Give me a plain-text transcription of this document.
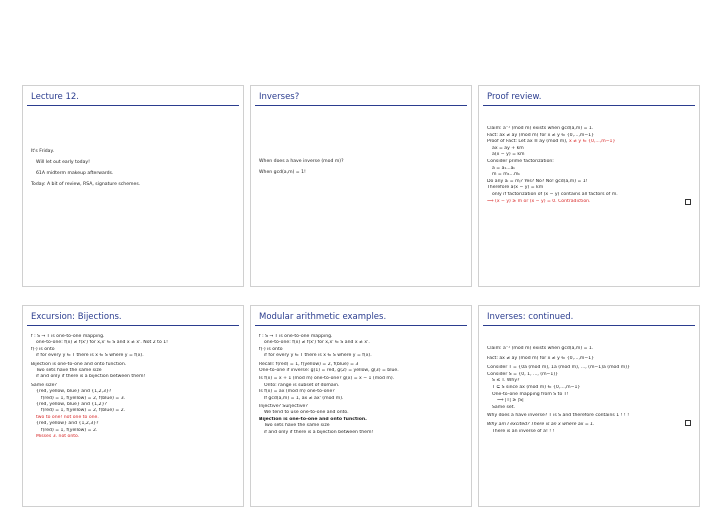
Lecture 12.
It's Friday.
Will let out early today!
61A midterm makeup afterwards.
Today: A bit of review, RSA, signature schemes.
Inverses?
When does a have inverse (mod m)?
When gcd(a,m) = 1!
Proof review.
Claim: a⁻¹ (mod m) exists when gcd(a,m) = 1.
Fact: ax ≠ ay (mod m) for x ≠ y ∈ {0,...,m−1}
Proof of Fact: Let ax ≡ ay (mod m), x ≠ y ∈ {0,...,m−1}
ax = ay + km
a(x − y) = km
Consider prime factorization:
a = a₁...aₖ
m = m₁...mₖ
Do any aᵢ = mⱼ? Yes? No? No! gcd(a,m) = 1!
Therefore a(x − y) = km
only if factorization of (x − y) contains all factors of m.
⟹ (x − y) ≥ m or (x − y) = 0. Contradiction.
Excursion: Bijections.
f : S → T is one-to-one mapping.
one-to-one: f(x) ≠ f(x') for x,x' ∈ S and x ≠ x'. Not 2 to 1!
f(·) is onto
if for every y ∈ T there is x ∈ S where y = f(x).
Bijection is one-to-one and onto function.
Two sets have the same size
if and only if there is a bijection between them!
Same size?
{red, yellow, blue} and {1,2,3}?
f(red) = 1, f(yellow) = 2, f(blue) = 3.
{red, yellow, blue} and {1,2}?
f(red) = 1, f(yellow) = 2, f(blue) = 2.
two to one! not one to one.
{red, yellow} and {1,2,3}?
f(red) = 1, f(yellow) = 2.
Misses 3. not onto.
Modular arithmetic examples.
f : S → T is one-to-one mapping.
one-to-one: f(x) ≠ f(x') for x,x' ∈ S and x ≠ x'.
f(·) is onto
if for every y ∈ T there is x ∈ S where y = f(x).
Recall: f(red) = 1, f(yellow) = 2, f(blue) = 3
One-to-one if inverse: g(1) = red, g(2) = yellow, g(3) = blue.
Is f(x) = x + 1 (mod m) one-to-one? g(x) = x − 1 (mod m).
Onto: range is subset of domain.
Is f(x) = ax (mod m) one-to-one?
If gcd(a,m) = 1, ax ≠ ax' (mod m).
Injective? Surjective?
We tend to use one-to-one and onto.
Bijection is one-to-one and onto function.
Two sets have the same size
if and only if there is a bijection between them!
Inverses: continued.
Claim: a⁻¹ (mod m) exists when gcd(a,m) = 1.
Fact: ax ≠ ay (mod m) for x ≠ y ∈ {0,...,m−1}
Consider T = {0a (mod m), 1a (mod m), ..., (m−1)a (mod m)}
Consider S = {0, 1, ..., (m−1)}
S ≤ T. Why?
T ⊆ S since ax (mod m) ∈ {0,...,m−1}
One-to-one mapping from S to T!
⟹ |T| ≥ |S|
Same set.
Why does a have inverse? T is S and therefore contains 1 ! ! !
Why am I excited? There is an x where ax = 1.
There is an inverse of a! ! !
